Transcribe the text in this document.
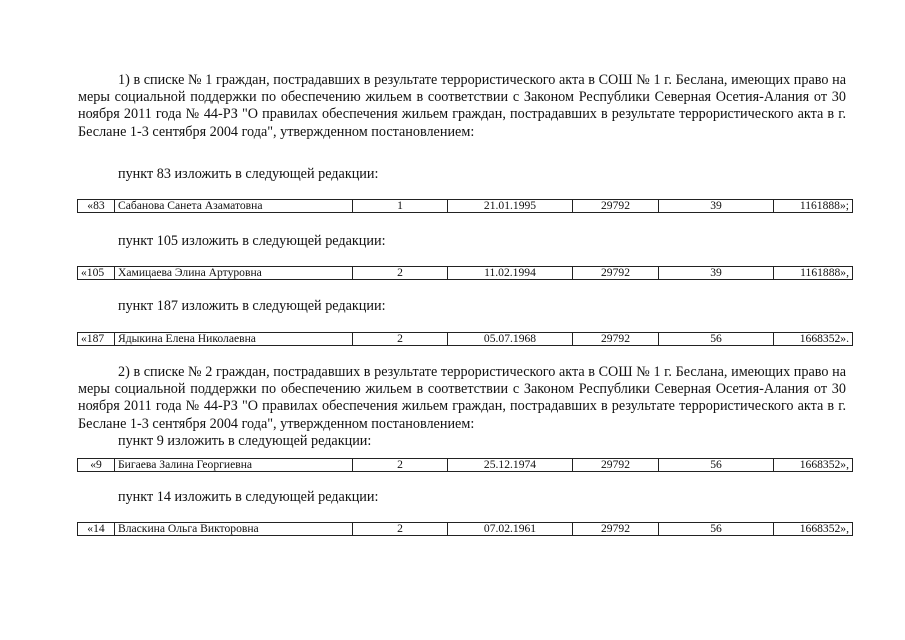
1) в списке № 1 граждан, пострадавших в результате террористического акта в СОШ № 1 г. Беслана, имеющих право на меры социальной поддержки по обеспечению жильем в соответствии с Законом Республики Северная Осетия-Алания от 30 ноября 2011 года № 44-РЗ "О правилах обеспечения жильем граждан, пострадавших в результате террористического акта в г. Беслане 1-3 сентября 2004 года", утвержденном постановлением:

пункт 83 изложить в следующей редакции:

«83	Сабанова Санета Азаматовна	1	21.01.1995	29792	39	1161888»;

пункт 105 изложить в следующей редакции:

«105	Хамицаева Элина Артуровна	2	11.02.1994	29792	39	1161888»,

пункт 187 изложить в следующей редакции:

«187	Ядыкина Елена Николаевна	2	05.07.1968	29792	56	1668352».

2) в списке № 2 граждан, пострадавших в результате террористического акта в СОШ № 1 г. Беслана, имеющих право на меры социальной поддержки по обеспечению жильем в соответствии с Законом Республики Северная Осетия-Алания от 30 ноября 2011 года № 44-РЗ "О правилах обеспечения жильем граждан, пострадавших в результате террористического акта в г. Беслане 1-3 сентября 2004 года", утвержденном постановлением:

пункт 9 изложить в следующей редакции:

«9	Бигаева Залина Георгиевна	2	25.12.1974	29792	56	1668352»,

пункт 14 изложить в следующей редакции:

«14	Власкина Ольга Викторовна	2	07.02.1961	29792	56	1668352»,
